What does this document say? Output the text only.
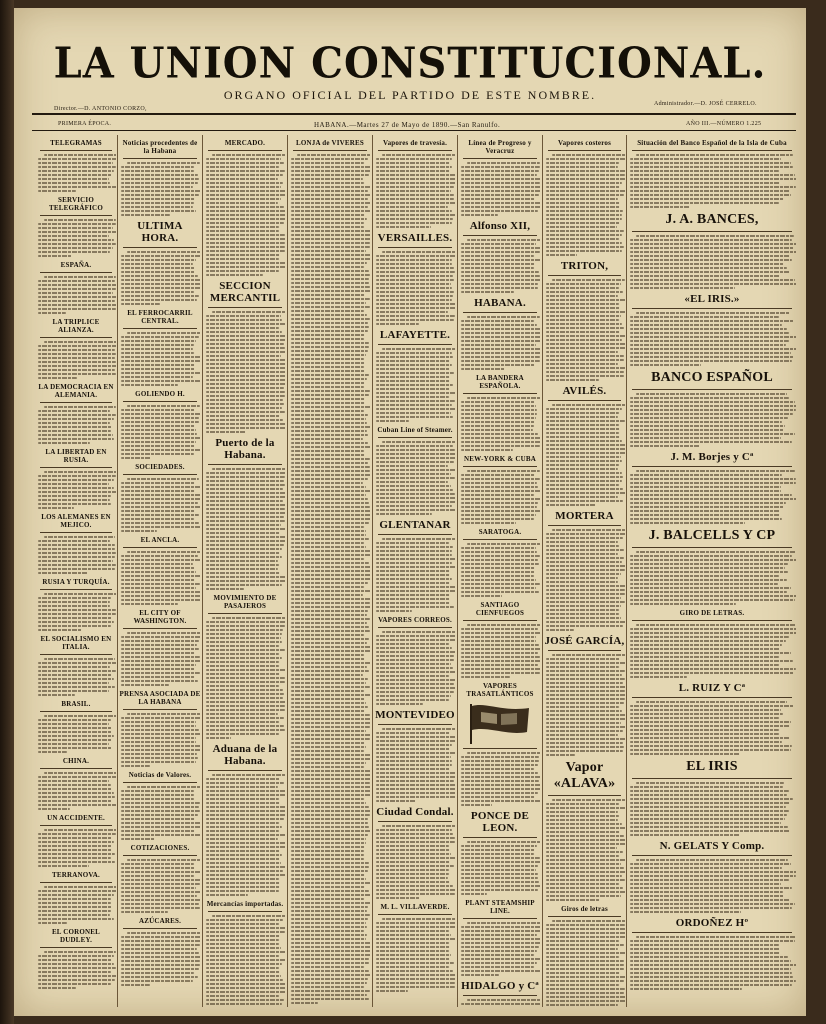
LA UNION CONSTITUCIONAL.
ORGANO OFICIAL DEL PARTIDO DE ESTE NOMBRE.
Director.—D. ANTONIO CORZO,
Administrador.—D. JOSÉ CERRELO.
PRIMERA ÉPOCA.	HABANA.—Martes 27 de Mayo de 1890.—San Ranulfo.	AÑO III.—NÚMERO 1.225
TELEGRAMAS
SERVICIO TELEGRÁFICO
ESPAÑA.
LA TRIPLICE ALIANZA.
LA DEMOCRACIA EN ALEMANIA.
LA LIBERTAD EN RUSIA.
LOS ALEMANES EN MEJICO.
RUSIA Y TURQUÍA.
EL SOCIALISMO EN ITALIA.
BRASIL.
CHINA.
UN ACCIDENTE.
TERRANOVA.
EL CORONEL DUDLEY.
Noticias procedentes de la Habana
ULTIMA HORA.
EL FERROCARRIL CENTRAL.
GOLIENDO H.
SOCIEDADES.
EL ANCLA.
EL CITY OF WASHINGTON.
PRENSA ASOCIADA DE LA HABANA
Noticias de Valores.
COTIZACIONES.
AZÚCARES.
MERCADO.
SECCION MERCANTIL
Puerto de la Habana.
MOVIMIENTO DE PASAJEROS
Aduana de la Habana.
Mercancías importadas.
LONJA de VIVERES	Vapores de travesía.
VERSAILLES.
LAFAYETTE.
Cuban Line of Steamer.
GLENTANAR
VAPORES CORREOS.
MONTEVIDEO
Ciudad Condal.
M. L. VILLAVERDE.
Línea de Progreso y Veracruz
Alfonso XII,
HABANA.
LA BANDERA ESPAÑOLA.
NEW-YORK & CUBA
SARATOGA.
SANTIAGO CIENFUEGOS
VAPORES TRASATLÁNTICOS
PONCE DE LEON.
PLANT STEAMSHIP LINE.
HIDALGO y Cª
Vapores costeros
TRITON,
AVILÉS.
MORTERA
JOSÉ GARCÍA,
Vapor «ALAVA»
Giros de letras
Situación del Banco Español de la Isla de Cuba
J. A. BANCES,
«EL IRIS.»
BANCO ESPAÑOL
J. M. Borjes y Cª
J. BALCELLS Y CP
GIRO DE LETRAS.
L. RUIZ Y Cª
EL IRIS
N. GELATS Y Comp.
ORDOÑEZ Hº
